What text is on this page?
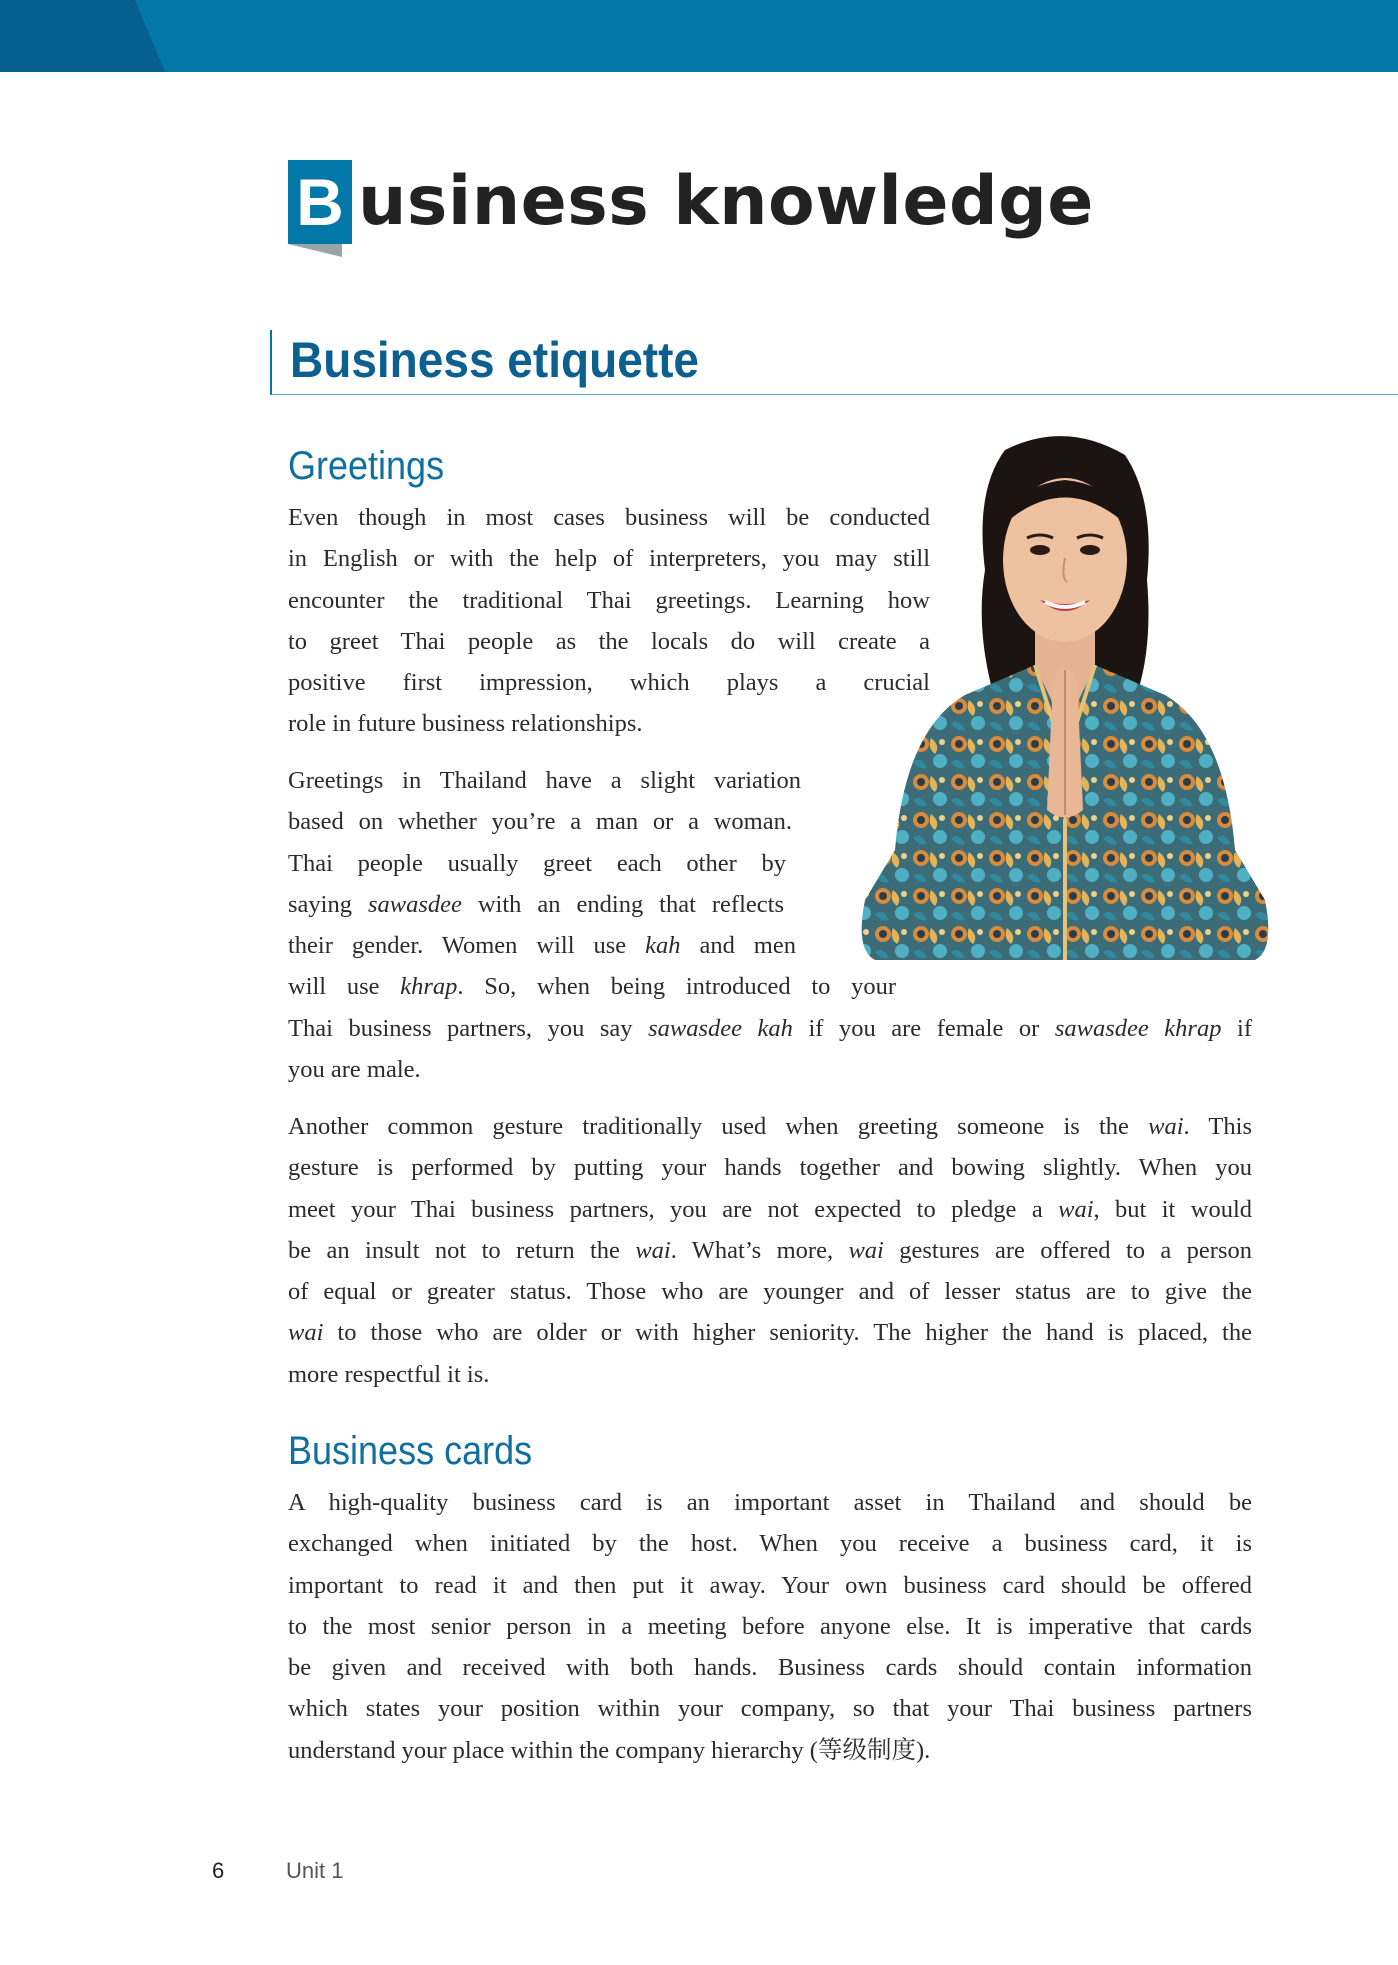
B usiness knowledge
Business etiquette
Greetings
Even though in most cases business will be conducted
in English or with the help of interpreters, you may still
encounter the traditional Thai greetings. Learning how
to greet Thai people as the locals do will create a
positive first impression, which plays a crucial
role in future business relationships.
Greetings in Thailand have a slight variation
based on whether you’re a man or a woman.
Thai people usually greet each other by
saying sawasdee with an ending that reflects
their gender. Women will use kah and men
will use khrap. So, when being introduced to your
Thai business partners, you say sawasdee kah if you are female or sawasdee khrap if
you are male.
Another common gesture traditionally used when greeting someone is the wai. This
gesture is performed by putting your hands together and bowing slightly. When you
meet your Thai business partners, you are not expected to pledge a wai, but it would
be an insult not to return the wai. What’s more, wai gestures are offered to a person
of equal or greater status. Those who are younger and of lesser status are to give the
wai to those who are older or with higher seniority. The higher the hand is placed, the
more respectful it is.
Business cards
A high-quality business card is an important asset in Thailand and should be
exchanged when initiated by the host. When you receive a business card, it is
important to read it and then put it away. Your own business card should be offered
to the most senior person in a meeting before anyone else. It is imperative that cards
be given and received with both hands. Business cards should contain information
which states your position within your company, so that your Thai business partners
understand your place within the company hierarchy (等级制度).
6	Unit 1
